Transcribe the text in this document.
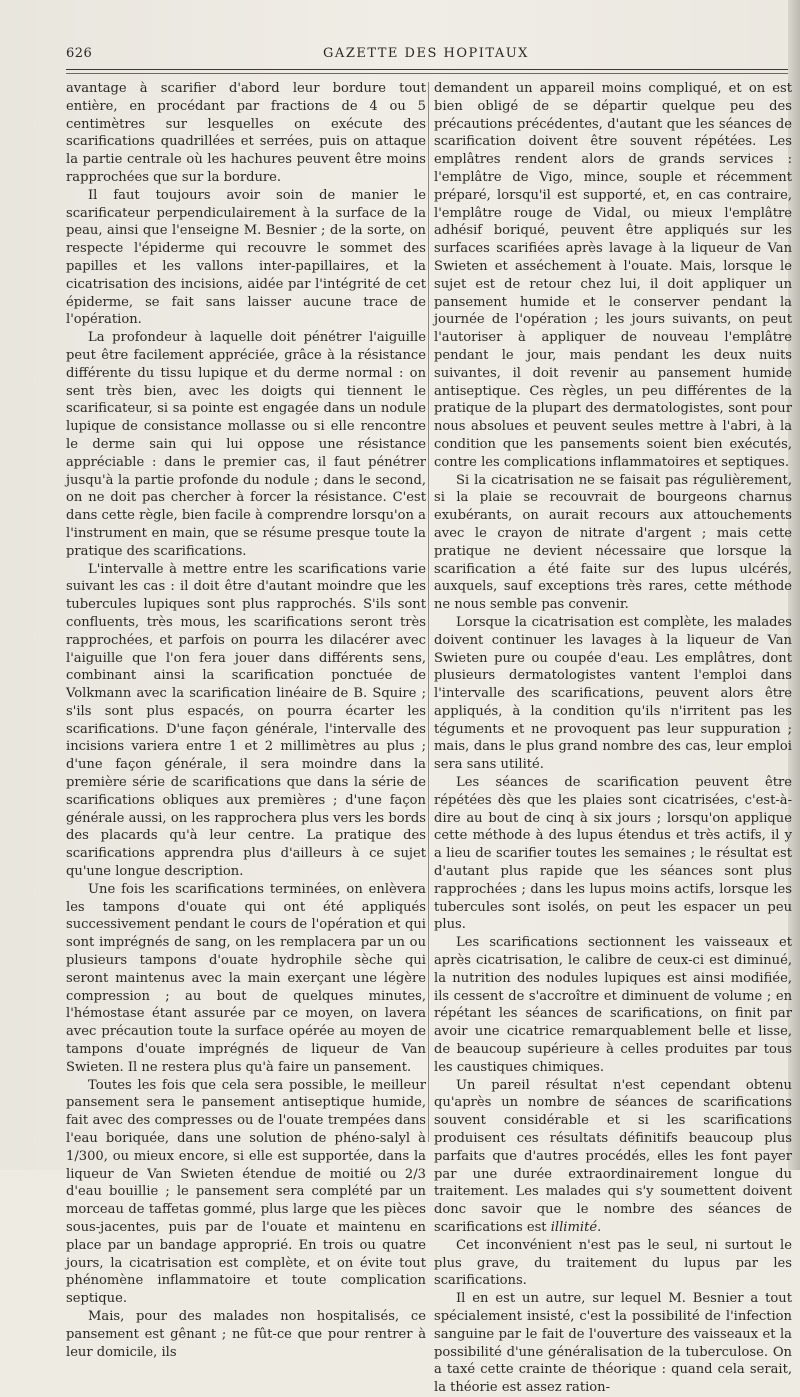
626	GAZETTE DES HOPITAUX

avantage à scarifier d'abord leur bordure tout entière, en procédant par fractions de 4 ou 5 centimètres sur lesquelles on exécute des scarifications quadrillées et serrées, puis on attaque la partie centrale où les hachures peuvent être moins rapprochées que sur la bordure.

Il faut toujours avoir soin de manier le scarificateur perpendiculairement à la surface de la peau, ainsi que l'enseigne M. Besnier ; de la sorte, on respecte l'épiderme qui recouvre le sommet des papilles et les vallons inter-papillaires, et la cicatrisation des incisions, aidée par l'intégrité de cet épiderme, se fait sans laisser aucune trace de l'opération.

La profondeur à laquelle doit pénétrer l'aiguille peut être facilement appréciée, grâce à la résistance différente du tissu lupique et du derme normal : on sent très bien, avec les doigts qui tiennent le scarificateur, si sa pointe est engagée dans un nodule lupique de consistance mollasse ou si elle rencontre le derme sain qui lui oppose une résistance appréciable : dans le premier cas, il faut pénétrer jusqu'à la partie profonde du nodule ; dans le second, on ne doit pas chercher à forcer la résistance. C'est dans cette règle, bien facile à comprendre lorsqu'on a l'instrument en main, que se résume presque toute la pratique des scarifications.

L'intervalle à mettre entre les scarifications varie suivant les cas : il doit être d'autant moindre que les tubercules lupiques sont plus rapprochés. S'ils sont confluents, très mous, les scarifications seront très rapprochées, et parfois on pourra les dilacérer avec l'aiguille que l'on fera jouer dans différents sens, combinant ainsi la scarification ponctuée de Volkmann avec la scarification linéaire de B. Squire ; s'ils sont plus espacés, on pourra écarter les scarifications. D'une façon générale, l'intervalle des incisions variera entre 1 et 2 millimètres au plus ; d'une façon générale, il sera moindre dans la première série de scarifications que dans la série de scarifications obliques aux premières ; d'une façon générale aussi, on les rapprochera plus vers les bords des placards qu'à leur centre. La pratique des scarifications apprendra plus d'ailleurs à ce sujet qu'une longue description.

Une fois les scarifications terminées, on enlèvera les tampons d'ouate qui ont été appliqués successivement pendant le cours de l'opération et qui sont imprégnés de sang, on les remplacera par un ou plusieurs tampons d'ouate hydrophile sèche qui seront maintenus avec la main exerçant une légère compression ; au bout de quelques minutes, l'hémostase étant assurée par ce moyen, on lavera avec précaution toute la surface opérée au moyen de tampons d'ouate imprégnés de liqueur de Van Swieten. Il ne restera plus qu'à faire un pansement.

Toutes les fois que cela sera possible, le meilleur pansement sera le pansement antiseptique humide, fait avec des compresses ou de l'ouate trempées dans l'eau boriquée, dans une solution de phéno-salyl à 1/300, ou mieux encore, si elle est supportée, dans la liqueur de Van Swieten étendue de moitié ou 2/3 d'eau bouillie ; le pansement sera complété par un morceau de taffetas gommé, plus large que les pièces sous-jacentes, puis par de l'ouate et maintenu en place par un bandage approprié. En trois ou quatre jours, la cicatrisation est complète, et on évite tout phénomène inflammatoire et toute complication septique.

Mais, pour des malades non hospitalisés, ce pansement est gênant ; ne fût-ce que pour rentrer à leur domicile, ils

demandent un appareil moins compliqué, et on est bien obligé de se départir quelque peu des précautions précédentes, d'autant que les séances de scarification doivent être souvent répétées. Les emplâtres rendent alors de grands services : l'emplâtre de Vigo, mince, souple et récemment préparé, lorsqu'il est supporté, et, en cas contraire, l'emplâtre rouge de Vidal, ou mieux l'emplâtre adhésif boriqué, peuvent être appliqués sur les surfaces scarifiées après lavage à la liqueur de Van Swieten et asséchement à l'ouate. Mais, lorsque le sujet est de retour chez lui, il doit appliquer un pansement humide et le conserver pendant la journée de l'opération ; les jours suivants, on peut l'autoriser à appliquer de nouveau l'emplâtre pendant le jour, mais pendant les deux nuits suivantes, il doit revenir au pansement humide antiseptique. Ces règles, un peu différentes de la pratique de la plupart des dermatologistes, sont pour nous absolues et peuvent seules mettre à l'abri, à la condition que les pansements soient bien exécutés, contre les complications inflammatoires et septiques.

Si la cicatrisation ne se faisait pas régulièrement, si la plaie se recouvrait de bourgeons charnus exubérants, on aurait recours aux attouchements avec le crayon de nitrate d'argent ; mais cette pratique ne devient nécessaire que lorsque la scarification a été faite sur des lupus ulcérés, auxquels, sauf exceptions très rares, cette méthode ne nous semble pas convenir.

Lorsque la cicatrisation est complète, les malades doivent continuer les lavages à la liqueur de Van Swieten pure ou coupée d'eau. Les emplâtres, dont plusieurs dermatologistes vantent l'emploi dans l'intervalle des scarifications, peuvent alors être appliqués, à la condition qu'ils n'irritent pas les téguments et ne provoquent pas leur suppuration ; mais, dans le plus grand nombre des cas, leur emploi sera sans utilité.

Les séances de scarification peuvent être répétées dès que les plaies sont cicatrisées, c'est-à-dire au bout de cinq à six jours ; lorsqu'on applique cette méthode à des lupus étendus et très actifs, il y a lieu de scarifier toutes les semaines ; le résultat est d'autant plus rapide que les séances sont plus rapprochées ; dans les lupus moins actifs, lorsque les tubercules sont isolés, on peut les espacer un peu plus.

Les scarifications sectionnent les vaisseaux et après cicatrisation, le calibre de ceux-ci est diminué, la nutrition des nodules lupiques est ainsi modifiée, ils cessent de s'accroître et diminuent de volume ; en répétant les séances de scarifications, on finit par avoir une cicatrice remarquablement belle et lisse, de beaucoup supérieure à celles produites par tous les caustiques chimiques.

Un pareil résultat n'est cependant obtenu qu'après un nombre de séances de scarifications souvent considérable et si les scarifications produisent ces résultats définitifs beaucoup plus parfaits que d'autres procédés, elles les font payer par une durée extraordinairement longue du traitement. Les malades qui s'y soumettent doivent donc savoir que le nombre des séances de scarifications est illimité.

Cet inconvénient n'est pas le seul, ni surtout le plus grave, du traitement du lupus par les scarifications.

Il en est un autre, sur lequel M. Besnier a tout spécialement insisté, c'est la possibilité de l'infection sanguine par le fait de l'ouverture des vaisseaux et la possibilité d'une généralisation de la tuberculose. On a taxé cette crainte de théorique : quand cela serait, la théorie est assez ration-
